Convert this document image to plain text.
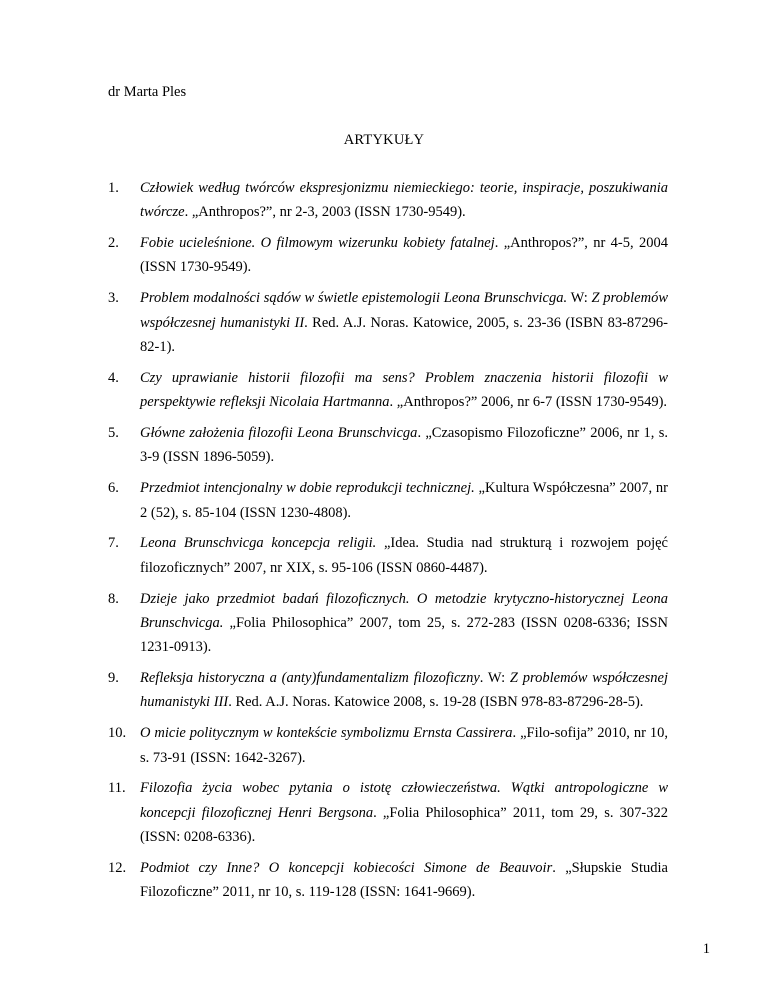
dr Marta Ples
ARTYKUŁY
1. Człowiek według twórców ekspresjonizmu niemieckiego: teorie, inspiracje, poszukiwania twórcze. „Anthropos?”, nr 2-3, 2003 (ISSN 1730-9549).
2. Fobie ucieleśnione. O filmowym wizerunku kobiety fatalnej. „Anthropos?”, nr 4-5, 2004 (ISSN 1730-9549).
3. Problem modalności sądów w świetle epistemologii Leona Brunschvicga. W: Z problemów współczesnej humanistyki II. Red. A.J. Noras. Katowice, 2005, s. 23-36 (ISBN 83-87296-82-1).
4. Czy uprawianie historii filozofii ma sens? Problem znaczenia historii filozofii w perspektywie refleksji Nicolaia Hartmanna. „Anthropos?” 2006, nr 6-7 (ISSN 1730-9549).
5. Główne założenia filozofii Leona Brunschvicga. „Czasopismo Filozoficzne” 2006, nr 1, s. 3-9 (ISSN 1896-5059).
6. Przedmiot intencjonalny w dobie reprodukcji technicznej. „Kultura Współczesna” 2007, nr 2 (52), s. 85-104 (ISSN 1230-4808).
7. Leona Brunschvicga koncepcja religii. „Idea. Studia nad strukturą i rozwojem pojęć filozoficznych” 2007, nr XIX, s. 95-106 (ISSN 0860-4487).
8. Dzieje jako przedmiot badań filozoficznych. O metodzie krytyczno-historycznej Leona Brunschvicga. „Folia Philosophica” 2007, tom 25, s. 272-283 (ISSN 0208-6336; ISSN 1231-0913).
9. Refleksja historyczna a (anty)fundamentalizm filozoficzny. W: Z problemów współczesnej humanistyki III. Red. A.J. Noras. Katowice 2008, s. 19-28 (ISBN 978-83-87296-28-5).
10. O micie politycznym w kontekście symbolizmu Ernsta Cassirera. „Filo-sofija” 2010, nr 10, s. 73-91 (ISSN: 1642-3267).
11. Filozofia życia wobec pytania o istotę człowieczeństwa. Wątki antropologiczne w koncepcji filozoficznej Henri Bergsona. „Folia Philosophica” 2011, tom 29, s. 307-322 (ISSN: 0208-6336).
12. Podmiot czy Inne? O koncepcji kobiecości Simone de Beauvoir. „Słupskie Studia Filozoficzne” 2011, nr 10, s. 119-128 (ISSN: 1641-9669).
1
